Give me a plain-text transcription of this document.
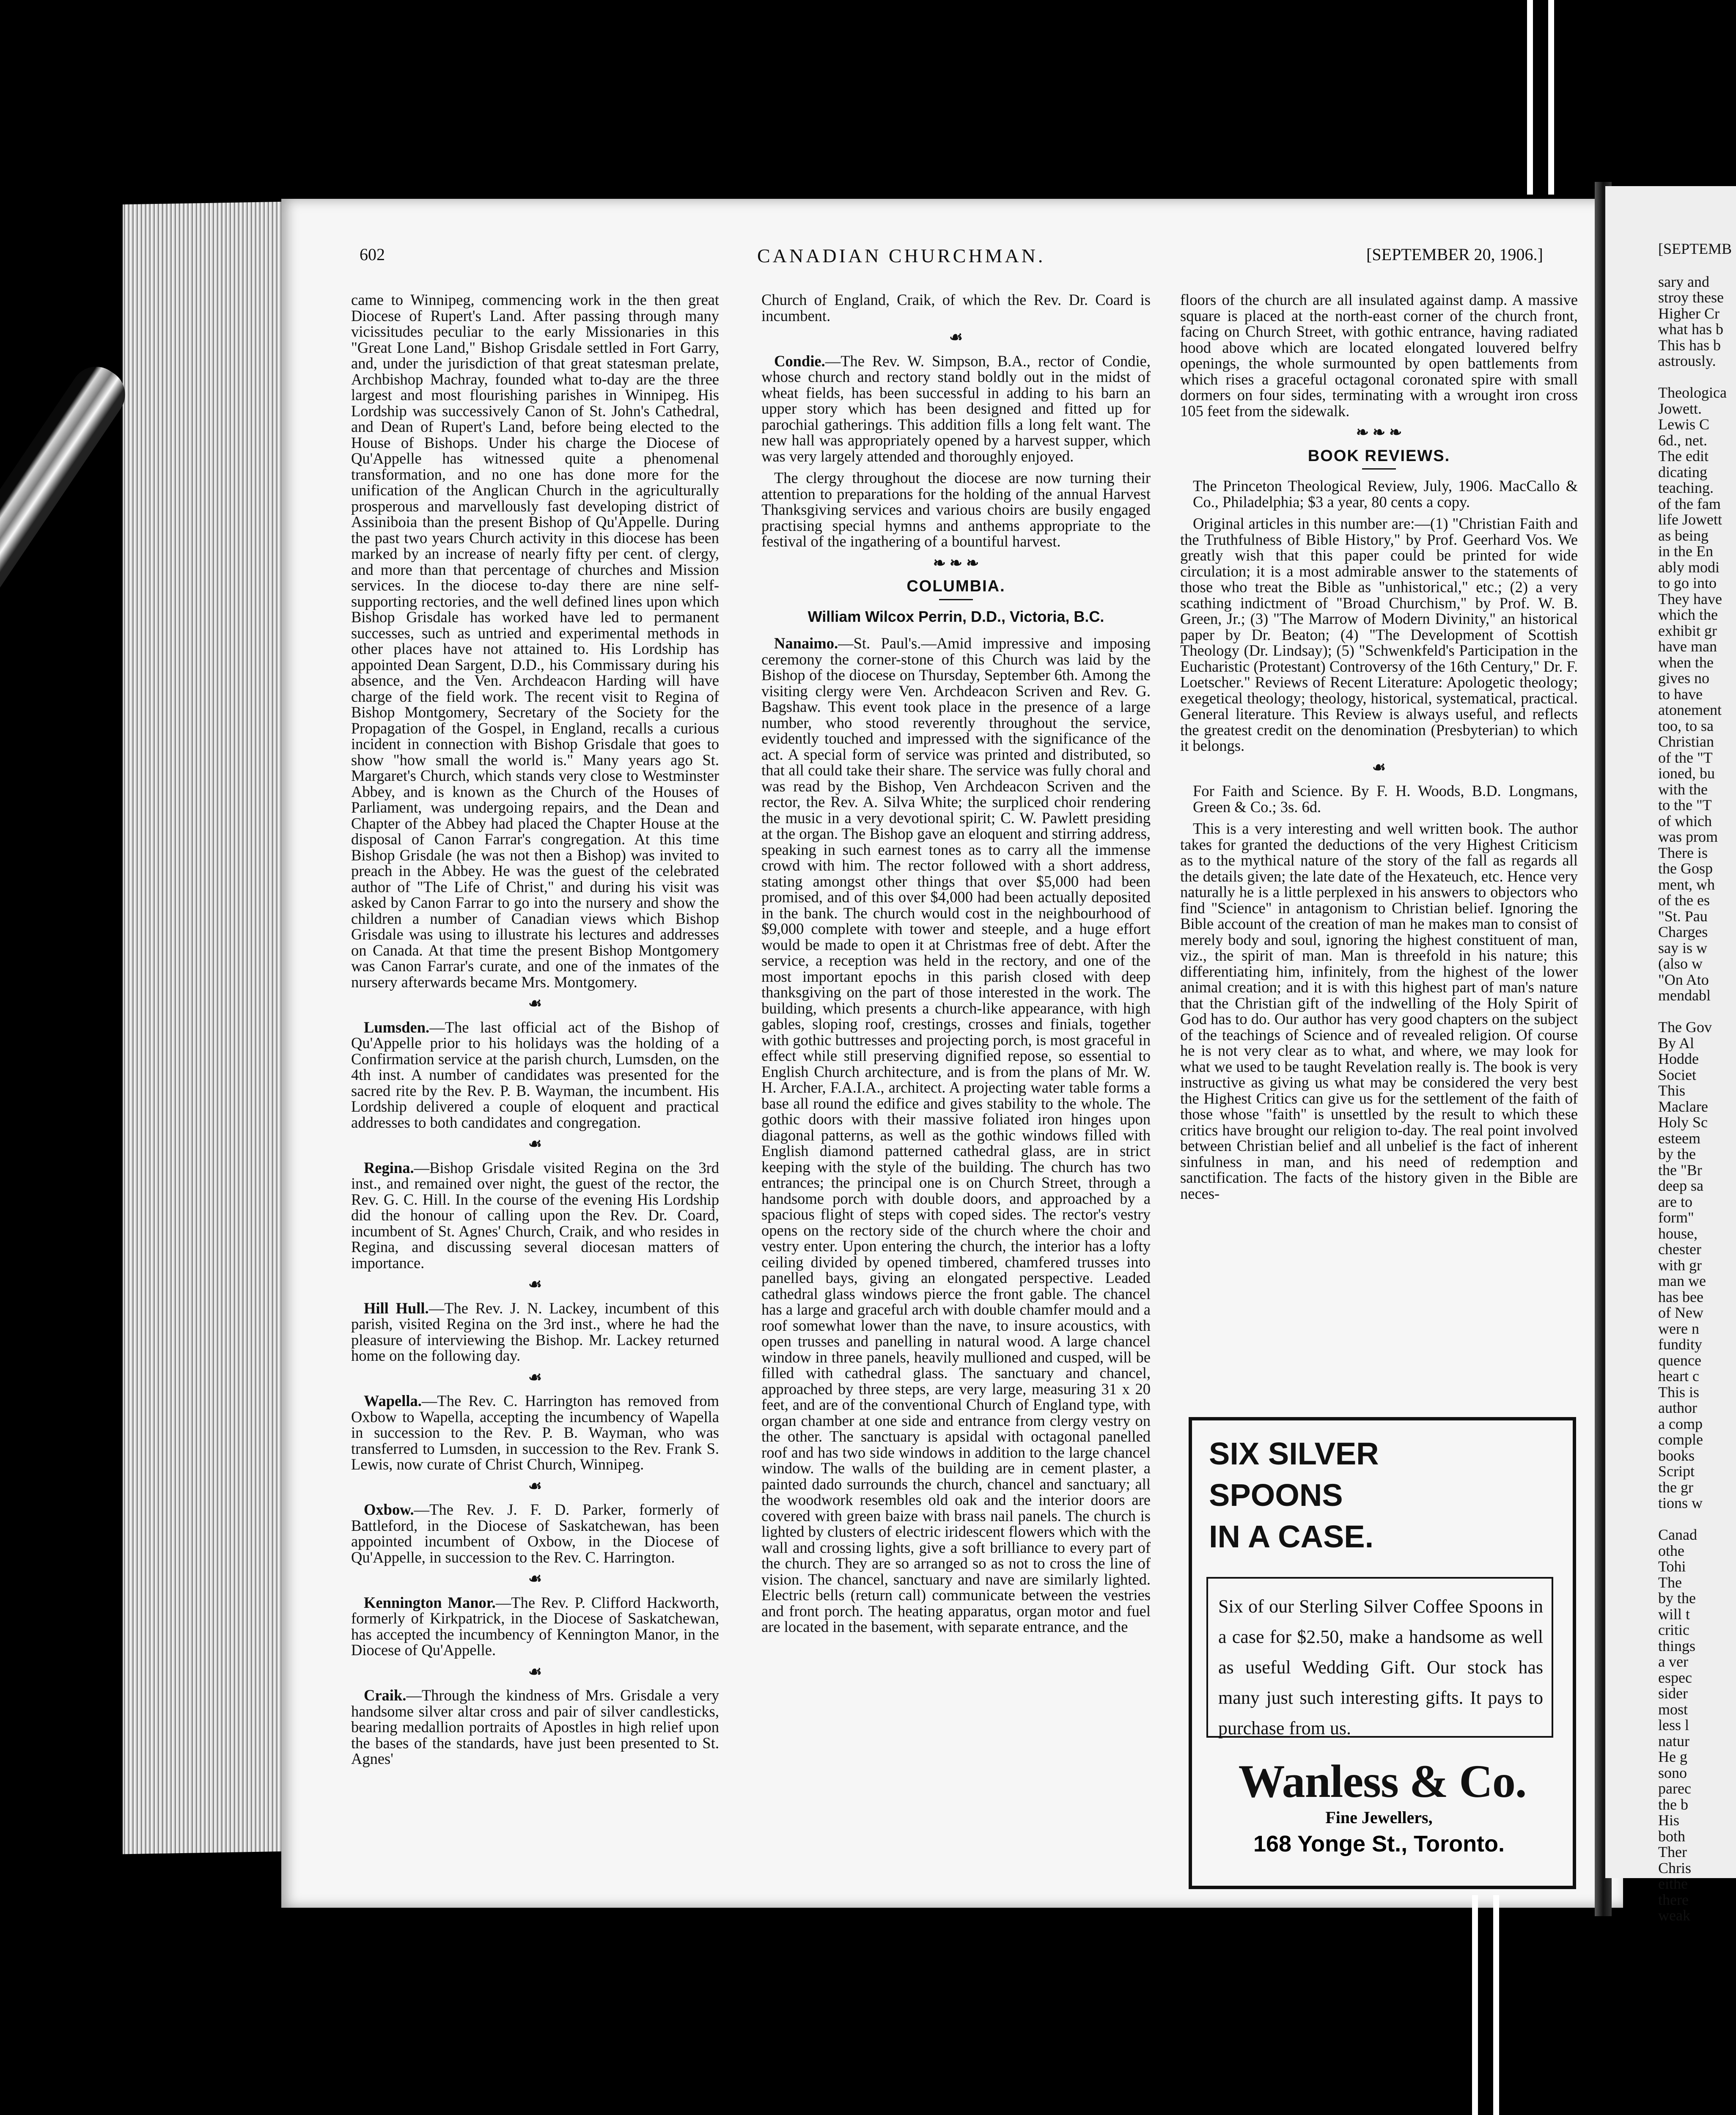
602	CANADIAN CHURCHMAN.	[SEPTEMBER 20, 1906.]

came to Winnipeg, commencing work in the then great Diocese of Rupert's Land. After passing through many vicissitudes peculiar to the early Missionaries in this "Great Lone Land," Bishop Grisdale settled in Fort Garry, and, under the jurisdiction of that great statesman prelate, Archbishop Machray, founded what to-day are the three largest and most flourishing parishes in Winnipeg. His Lordship was successively Canon of St. John's Cathedral, and Dean of Rupert's Land, before being elected to the House of Bishops. Under his charge the Diocese of Qu'Appelle has witnessed quite a phenomenal transformation, and no one has done more for the unification of the Anglican Church in the agriculturally prosperous and marvellously fast developing district of Assiniboia than the present Bishop of Qu'Appelle. During the past two years Church activity in this diocese has been marked by an increase of nearly fifty per cent. of clergy, and more than that percentage of churches and Mission services. In the diocese to-day there are nine self-supporting rectories, and the well defined lines upon which Bishop Grisdale has worked have led to permanent successes, such as untried and experimental methods in other places have not attained to. His Lordship has appointed Dean Sargent, D.D., his Commissary during his absence, and the Ven. Archdeacon Harding will have charge of the field work. The recent visit to Regina of Bishop Montgomery, Secretary of the Society for the Propagation of the Gospel, in England, recalls a curious incident in connection with Bishop Grisdale that goes to show "how small the world is." Many years ago St. Margaret's Church, which stands very close to Westminster Abbey, and is known as the Church of the Houses of Parliament, was undergoing repairs, and the Dean and Chapter of the Abbey had placed the Chapter House at the disposal of Canon Farrar's congregation. At this time Bishop Grisdale (he was not then a Bishop) was invited to preach in the Abbey. He was the guest of the celebrated author of "The Life of Christ," and during his visit was asked by Canon Farrar to go into the nursery and show the children a number of Canadian views which Bishop Grisdale was using to illustrate his lectures and addresses on Canada. At that time the present Bishop Montgomery was Canon Farrar's curate, and one of the inmates of the nursery afterwards became Mrs. Montgomery.

☙

Lumsden.—The last official act of the Bishop of Qu'Appelle prior to his holidays was the holding of a Confirmation service at the parish church, Lumsden, on the 4th inst. A number of candidates was presented for the sacred rite by the Rev. P. B. Wayman, the incumbent. His Lordship delivered a couple of eloquent and practical addresses to both candidates and congregation.

☙

Regina.—Bishop Grisdale visited Regina on the 3rd inst., and remained over night, the guest of the rector, the Rev. G. C. Hill. In the course of the evening His Lordship did the honour of calling upon the Rev. Dr. Coard, incumbent of St. Agnes' Church, Craik, and who resides in Regina, and discussing several diocesan matters of importance.

☙

Hill Hull.—The Rev. J. N. Lackey, incumbent of this parish, visited Regina on the 3rd inst., where he had the pleasure of interviewing the Bishop. Mr. Lackey returned home on the following day.

☙

Wapella.—The Rev. C. Harrington has removed from Oxbow to Wapella, accepting the incumbency of Wapella in succession to the Rev. P. B. Wayman, who was transferred to Lumsden, in succession to the Rev. Frank S. Lewis, now curate of Christ Church, Winnipeg.

☙

Oxbow.—The Rev. J. F. D. Parker, formerly of Battleford, in the Diocese of Saskatchewan, has been appointed incumbent of Oxbow, in the Diocese of Qu'Appelle, in succession to the Rev. C. Harrington.

☙

Kennington Manor.—The Rev. P. Clifford Hackworth, formerly of Kirkpatrick, in the Diocese of Saskatchewan, has accepted the incumbency of Kennington Manor, in the Diocese of Qu'Appelle.

☙

Craik.—Through the kindness of Mrs. Grisdale a very handsome silver altar cross and pair of silver candlesticks, bearing medallion portraits of Apostles in high relief upon the bases of the standards, have just been presented to St. Agnes'

Church of England, Craik, of which the Rev. Dr. Coard is incumbent.

☙

Condie.—The Rev. W. Simpson, B.A., rector of Condie, whose church and rectory stand boldly out in the midst of wheat fields, has been successful in adding to his barn an upper story which has been designed and fitted up for parochial gatherings. This addition fills a long felt want. The new hall was appropriately opened by a harvest supper, which was very largely attended and thoroughly enjoyed.

The clergy throughout the diocese are now turning their attention to preparations for the holding of the annual Harvest Thanksgiving services and various choirs are busily engaged practising special hymns and anthems appropriate to the festival of the ingathering of a bountiful harvest.

❧ ❧ ❧
COLUMBIA.
William Wilcox Perrin, D.D., Victoria, B.C.

Nanaimo.—St. Paul's.—Amid impressive and imposing ceremony the corner-stone of this Church was laid by the Bishop of the diocese on Thursday, September 6th. Among the visiting clergy were Ven. Archdeacon Scriven and Rev. G. Bagshaw. This event took place in the presence of a large number, who stood reverently throughout the service, evidently touched and impressed with the significance of the act. A special form of service was printed and distributed, so that all could take their share. The service was fully choral and was read by the Bishop, Ven Archdeacon Scriven and the rector, the Rev. A. Silva White; the surpliced choir rendering the music in a very devotional spirit; C. W. Pawlett presiding at the organ. The Bishop gave an eloquent and stirring address, speaking in such earnest tones as to carry all the immense crowd with him. The rector followed with a short address, stating amongst other things that over $5,000 had been promised, and of this over $4,000 had been actually deposited in the bank. The church would cost in the neighbourhood of $9,000 complete with tower and steeple, and a huge effort would be made to open it at Christmas free of debt. After the service, a reception was held in the rectory, and one of the most important epochs in this parish closed with deep thanksgiving on the part of those interested in the work. The building, which presents a church-like appearance, with high gables, sloping roof, crestings, crosses and finials, together with gothic buttresses and projecting porch, is most graceful in effect while still preserving dignified repose, so essential to English Church architecture, and is from the plans of Mr. W. H. Archer, F.A.I.A., architect. A projecting water table forms a base all round the edifice and gives stability to the whole. The gothic doors with their massive foliated iron hinges upon diagonal patterns, as well as the gothic windows filled with English diamond patterned cathedral glass, are in strict keeping with the style of the building. The church has two entrances; the principal one is on Church Street, through a handsome porch with double doors, and approached by a spacious flight of steps with coped sides. The rector's vestry opens on the rectory side of the church where the choir and vestry enter. Upon entering the church, the interior has a lofty ceiling divided by opened timbered, chamfered trusses into panelled bays, giving an elongated perspective. Leaded cathedral glass windows pierce the front gable. The chancel has a large and graceful arch with double chamfer mould and a roof somewhat lower than the nave, to insure acoustics, with open trusses and panelling in natural wood. A large chancel window in three panels, heavily mullioned and cusped, will be filled with cathedral glass. The sanctuary and chancel, approached by three steps, are very large, measuring 31 x 20 feet, and are of the conventional Church of England type, with organ chamber at one side and entrance from clergy vestry on the other. The sanctuary is apsidal with octagonal panelled roof and has two side windows in addition to the large chancel window. The walls of the building are in cement plaster, a painted dado surrounds the church, chancel and sanctuary; all the woodwork resembles old oak and the interior doors are covered with green baize with brass nail panels. The church is lighted by clusters of electric iridescent flowers which with the wall and crossing lights, give a soft brilliance to every part of the church. They are so arranged so as not to cross the line of vision. The chancel, sanctuary and nave are similarly lighted. Electric bells (return call) communicate between the vestries and front porch. The heating apparatus, organ motor and fuel are located in the basement, with separate entrance, and the

floors of the church are all insulated against damp. A massive square is placed at the north-east corner of the church front, facing on Church Street, with gothic entrance, having radiated hood above which are located elongated louvered belfry openings, the whole surmounted by open battlements from which rises a graceful octagonal coronated spire with small dormers on four sides, terminating with a wrought iron cross 105 feet from the sidewalk.

❧ ❧ ❧
BOOK REVIEWS.

The Princeton Theological Review, July, 1906. MacCallo & Co., Philadelphia; $3 a year, 80 cents a copy.

Original articles in this number are:—(1) "Christian Faith and the Truthfulness of Bible History," by Prof. Geerhard Vos. We greatly wish that this paper could be printed for wide circulation; it is a most admirable answer to the statements of those who treat the Bible as "unhistorical," etc.; (2) a very scathing indictment of "Broad Churchism," by Prof. W. B. Green, Jr.; (3) "The Marrow of Modern Divinity," an historical paper by Dr. Beaton; (4) "The Development of Scottish Theology (Dr. Lindsay); (5) "Schwenkfeld's Participation in the Eucharistic (Protestant) Controversy of the 16th Century," Dr. F. Loetscher." Reviews of Recent Literature: Apologetic theology; exegetical theology; theology, historical, systematical, practical. General literature. This Review is always useful, and reflects the greatest credit on the denomination (Presbyterian) to which it belongs.

☙

For Faith and Science. By F. H. Woods, B.D. Longmans, Green & Co.; 3s. 6d.

This is a very interesting and well written book. The author takes for granted the deductions of the very Highest Criticism as to the mythical nature of the story of the fall as regards all the details given; the late date of the Hexateuch, etc. Hence very naturally he is a little perplexed in his answers to objectors who find "Science" in antagonism to Christian belief. Ignoring the Bible account of the creation of man he makes man to consist of merely body and soul, ignoring the highest constituent of man, viz., the spirit of man. Man is threefold in his nature; this differentiating him, infinitely, from the highest of the lower animal creation; and it is with this highest part of man's nature that the Christian gift of the indwelling of the Holy Spirit of God has to do. Our author has very good chapters on the subject of the teachings of Science and of revealed religion. Of course he is not very clear as to what, and where, we may look for what we used to be taught Revelation really is. The book is very instructive as giving us what may be considered the very best the Highest Critics can give us for the settlement of the faith of those whose "faith" is unsettled by the result to which these critics have brought our religion to-day. The real point involved between Christian belief and all unbelief is the fact of inherent sinfulness in man, and his need of redemption and sanctification. The facts of the history given in the Bible are neces-

SIX SILVER
SPOONS
IN A CASE.
Six of our Sterling Silver Coffee Spoons in a case for $2.50, make a handsome as well as useful Wedding Gift. Our stock has many just such interesting gifts. It pays to purchase from us.
Wanless & Co.
Fine Jewellers,
168 Yonge St., Toronto.
[SEPTEMB
sary and
stroy these
Higher Cr
what has b
This has b
astrously.

Theologica
Jowett.
Lewis C
6d., net.
The edit
dicating
teaching.
of the fam
life Jowett
as being
in the En
ably modi
to go into
They have
which the
exhibit gr
have man
when the
gives no
to have
atonement
too, to sa
Christian
of the "T
ioned, bu
with the
to the "T
of which
was prom
There is
the Gosp
ment, wh
of the es
"St. Pau
Charges
say is w
(also w
"On Ato
mendabl

The Gov
By Al
Hodde
Societ
This
Maclare
Holy Sc
esteem
by the
the "Br
deep sa
are to
form"
house,
chester
with gr
man we
has bee
of New
were n
fundity
quence
heart c
This is
author
a comp
comple
books
Script
the gr
tions w

Canad
othe
Tohi
The
by the
will t
critic
things
a ver
espec
sider
most
less l
natur
He g
sono
parec
the b
His
both
Ther
Chris
eithe
there
weak
